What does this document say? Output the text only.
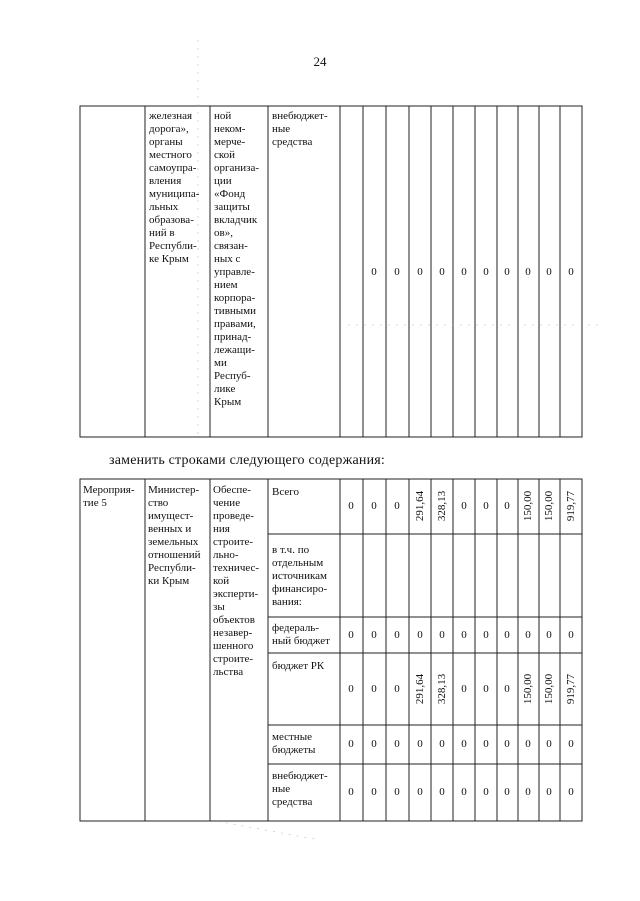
24
железная
дорога»,
органы
местного
самоупра-
вления
муниципа-
льных
образова-
ний в
Республи-
ке Крым
ной
неком-
мерче-
ской
организа-
ции
«Фонд
защиты
вкладчик
ов»,
связан-
ных с
управле-
нием
корпора-
тивными
правами,
принад-
лежащи-
ми
Респуб-
лике
Крым
внебюджет-
ные
средства
0 0 0 0 0 0 0 0 0 0
заменить строками следующего содержания:
Мероприя-
тие 5
Министер-
ство
имущест-
венных и
земельных
отношений
Республи-
ки Крым
Обеспе-
чение
проведе-
ния
строите-
льно-
техничес-
кой
эксперти-
зы
объектов
незавер-
шенного
строите-
льства
Всего
в т.ч. по
отдельным
источникам
финансиро-
вания:
федераль-
ный бюджет
бюджет РК
местные
бюджеты
внебюджет-
ные
средства
0 0 0 291,64 328,13 0 0 0 150,00 150,00 919,77
0 0 0 0 0 0 0 0 0 0 0
0 0 0 291,64 328,13 0 0 0 150,00 150,00 919,77
0 0 0 0 0 0 0 0 0 0 0
0 0 0 0 0 0 0 0 0 0 0
